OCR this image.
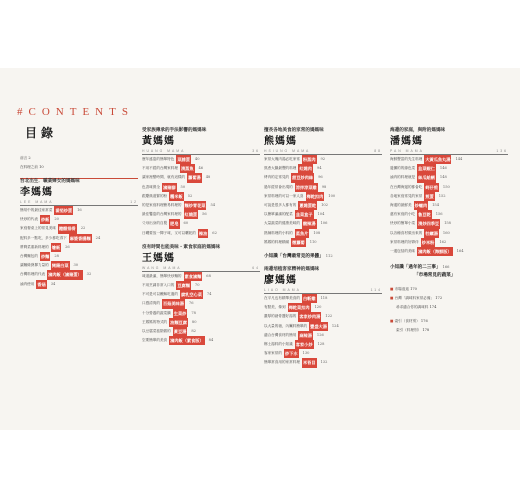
# CONTENTS
目錄
前言 2
在料理之前 10
台北出生．職業婦女的媽媽味
李媽媽
LEE MAMA	12
簡易中的最佳家常菜 番茄炒蛋 16
快炒的代表 炒飯 20
家庭餐桌上的常見美味 糖醋排骨 22
配料多一點吃，多少都吃得下 麻婆香腸麵 24
將剩菜重新料理的 燴飯 26
台灣麵包的 炒麵 28
讓麵條發揮力量的 開陽白菜 30
台灣料理的代表 滷肉飯（滷豬蛋） 32
滷肉使用 香菇 34
受家族傳承的手法影響的媽媽味
黃媽媽
HUANG MAMA	36
歷年盛宴的簡單特色 菜脯蛋 40
不用不經的台灣家料理 清蒸魚 46
讓家裡變時間，就有這樣的 蘿蔔湯 48
色香味俱全 滷豬腳 50
跟慶典道緊的粉 糯米飯 52
的是家庭料理簡易料理的 麵炒青花菜 54
最佳饗宴的台灣家料理的 紅燒蛋 56
父母出身的自製 肥皂 60
日曬要放一陣子味，又可以曬乾的 辣油 62
沒有時間也能美味・素食家庭的媽媽味
王媽媽
WANG MAMA	64
味道最滿，簡單快炒麵的 素食滷麵 68
不用烹調非常入口的 豆腐麵 70
不可是可以瞭解吃過的 腐乳空心菜 74
口感清爽的 百菇美味湯 76
十分營養的蔬菜鍋 生菜炒 78
王媽媽的特式的 油麵豆腐 80
以豆腐菜菇類做的 黃豆湯 82
空要簡單的美食 滷肉飯（素食版） 84
擅長各地美食的家常的媽媽味
熊媽媽
HSIUNG MAMA	88
家常大塊肉湯必吃家常 粉蒸肉 92
熬煮大鍋最豐的料理 紅燒肉 94
烤肉的定常見的 甜豆炒肉絲 96
過年經常會出現的 涼拌涼菜雞 98
家常料理的可以一家人喜 梅乾扣肉 100
可說是很多人都有的 蔥燒蛋乾 102
以簡單滿滿的配菜 韭菜盒子 104
大量蔬菜的健康美味的 酸辣湯 106
熱辣料理的小料的 蒸魚片 108
媽媽的料理精緻 燉蘿蔔 110
小知識「台灣最常見的果醬」 112
兩邊培植客家精神的媽媽味
廖媽媽
LIAO MAMA	114
在平凡也有精華美食的 白斬雞 118
有點美，像到 梅乾菜扣肉 120
濃厚的豬骨醬好湯的 客家炒肉湯 122
以大量的豬，內臟料簡單的 豐盛大湯 124
適合台灣食材的簡易 麻辣湯 126
鄉土湯料的小知識 客家小炒 128
客家家常的 炒下水 130
簡單常食用的家常料理 米苔目 132
海邊的家庭，與附的媽媽味
潘媽媽
PAN MAMA	136
海鮮豐富的先生料理 大黃瓜魚丸湯 144
邊灘的的綠色菜 韭菜蝦仁 146
滷肉的料理就是 絲瓜蛤蜊 148
在台灣海邊的都會吃 蚵仔煎 150
各地家庭常見的家常 煎蛋 152
海邊的最鮮美 炒螺肉 154
還有家庭的小吃 魯豆乾 156
快炒的簡單小菜 清炒四季豆 158
以各種食材做出來的 牡蠣湯 160
家常料理的好夥伴 炒米粉 162
一邊包括的美味 滷肉飯（海鮮版） 164
小知識「過年的二三事」 166
「市場常見的蔬菜」
■ 市場逛逛 170
■ 台灣「調味料家常必備」 172
尋求適合你的調味料 174
■ 索引（食材別） 176
索引（料理別） 178
